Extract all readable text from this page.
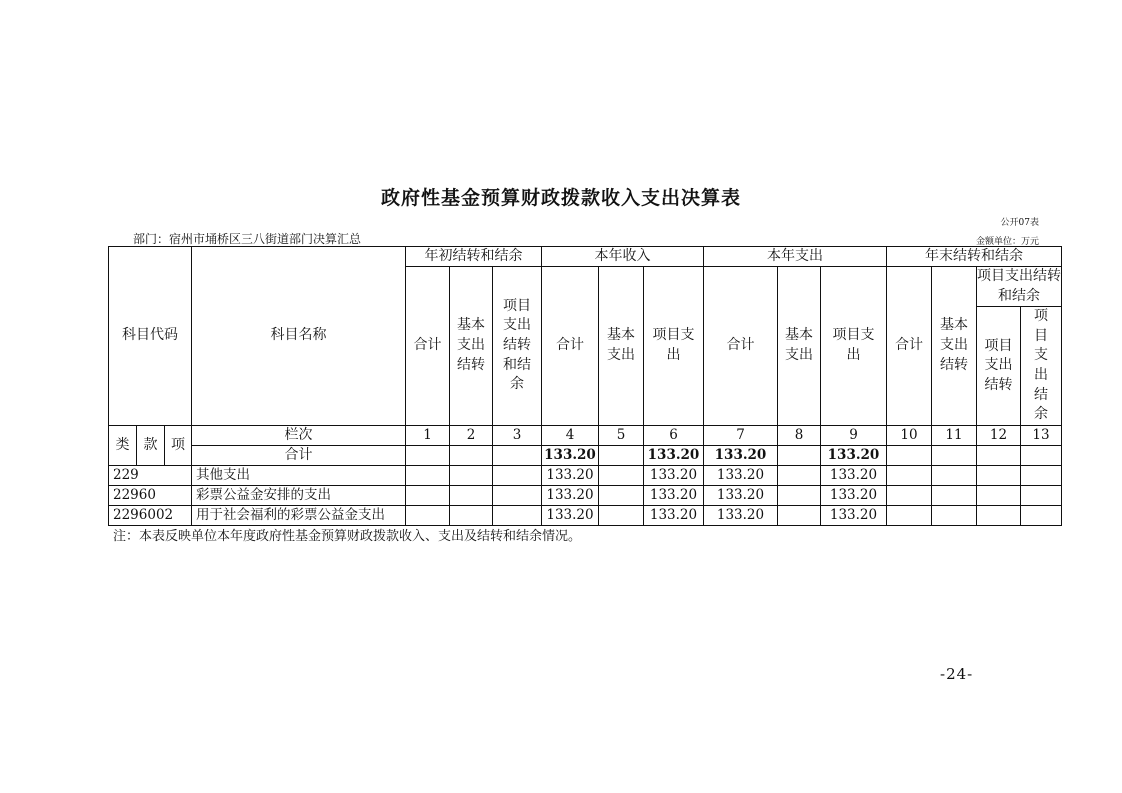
政府性基金预算财政拨款收入支出决算表
公开07表
部门：宿州市埇桥区三八街道部门决算汇总	金额单位：万元
科目代码			科目名称	年初结转和结余			本年收入			本年支出			年末结转和结余			
				合计	基本支出结转	项目支出结转和结余	合计	基本支出	项目支出	合计	基本支出	项目支出	合计	基本支出结转	项目支出结转和结余	
															项目支出结转	项目支出结余
类	款	项	栏次	1	2	3	4	5	6	7	8	9	10	11	12	13
			合计				133.20		133.20	133.20		133.20				
229			其他支出				133.20		133.20	133.20		133.20				
22960			彩票公益金安排的支出				133.20		133.20	133.20		133.20				
2296002			用于社会福利的彩票公益金支出				133.20		133.20	133.20		133.20				
注：本表反映单位本年度政府性基金预算财政拨款收入、支出及结转和结余情况。
-24-
